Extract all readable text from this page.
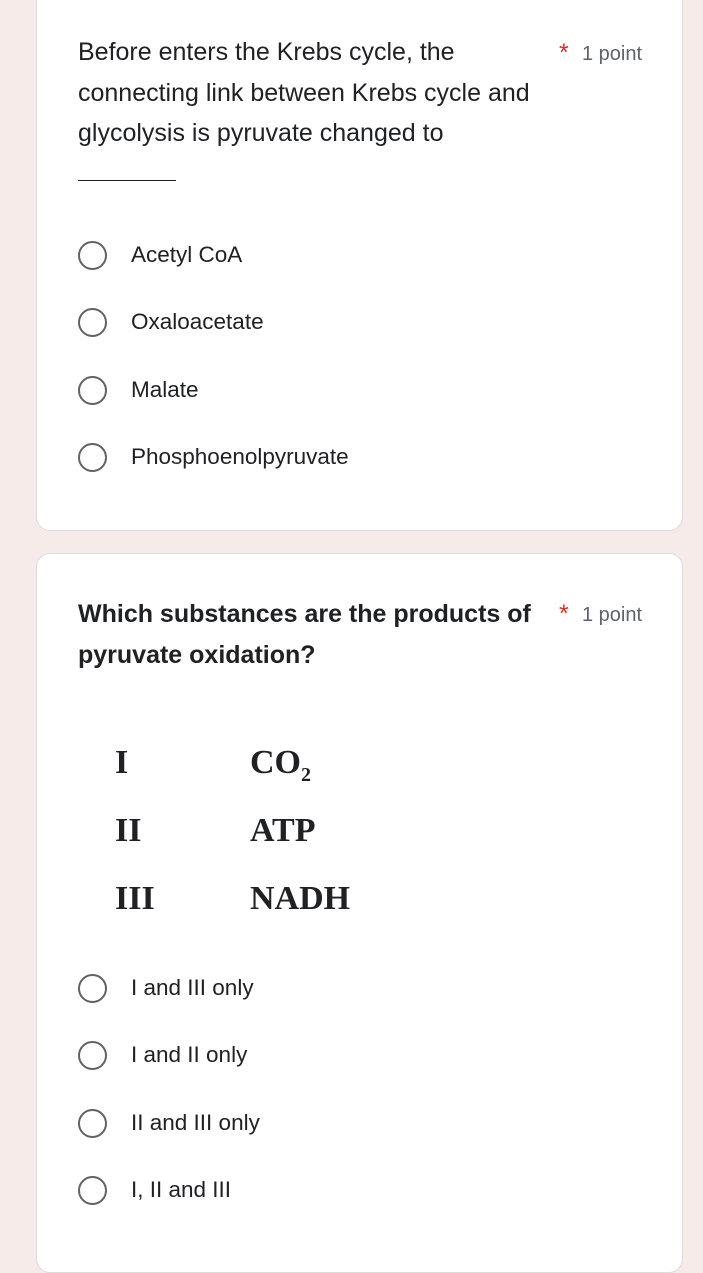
Before enters the Krebs cycle, the connecting link between Krebs cycle and glycolysis is pyruvate changed to

* 1 point
Acetyl CoA
Oxaloacetate
Malate
Phosphoenolpyruvate

Which substances are the products of pyruvate oxidation?

* 1 point
I	$CO_2$
II	ATP
III	NADH
I and III only
I and II only
II and III only
I, II and III
